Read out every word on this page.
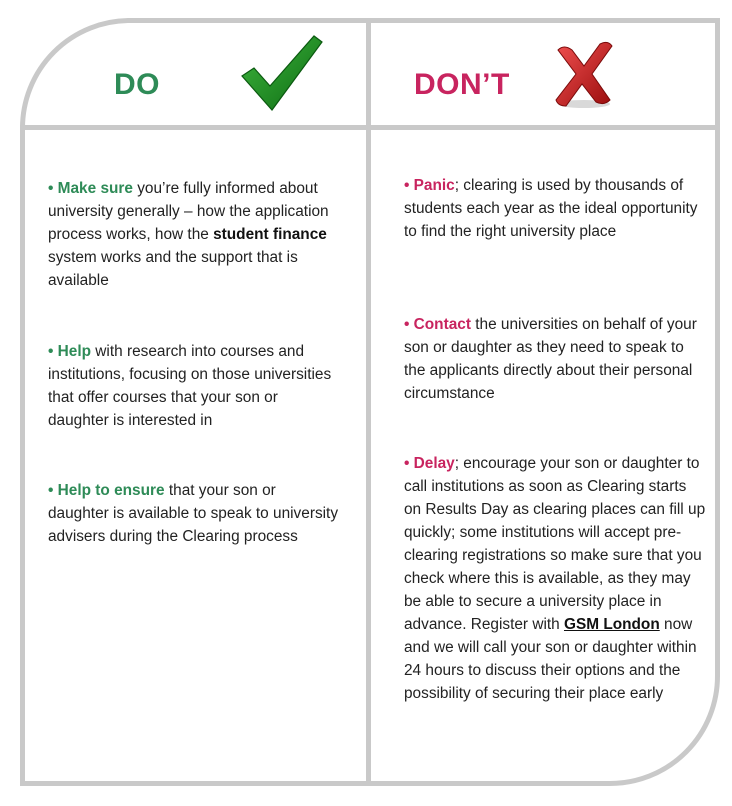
DO	DON’T
• Make sure you’re fully informed about university generally – how the application process works, how the student finance system works and the support that is available
• Help with research into courses and institutions, focusing on those universities that offer courses that your son or daughter is interested in
• Help to ensure that your son or daughter is available to speak to university advisers during the Clearing process
• Panic; clearing is used by thousands of students each year as the ideal opportunity to find the right university place
• Contact the universities on behalf of your son or daughter as they need to speak to the applicants directly about their personal circumstance
• Delay; encourage your son or daughter to call institutions as soon as Clearing starts on Results Day as clearing places can fill up quickly; some institutions will accept pre-clearing registrations so make sure that you check where this is available, as they may be able to secure a university place in advance. Register with GSM London now and we will call your son or daughter within 24 hours to discuss their options and the possibility of securing their place early
